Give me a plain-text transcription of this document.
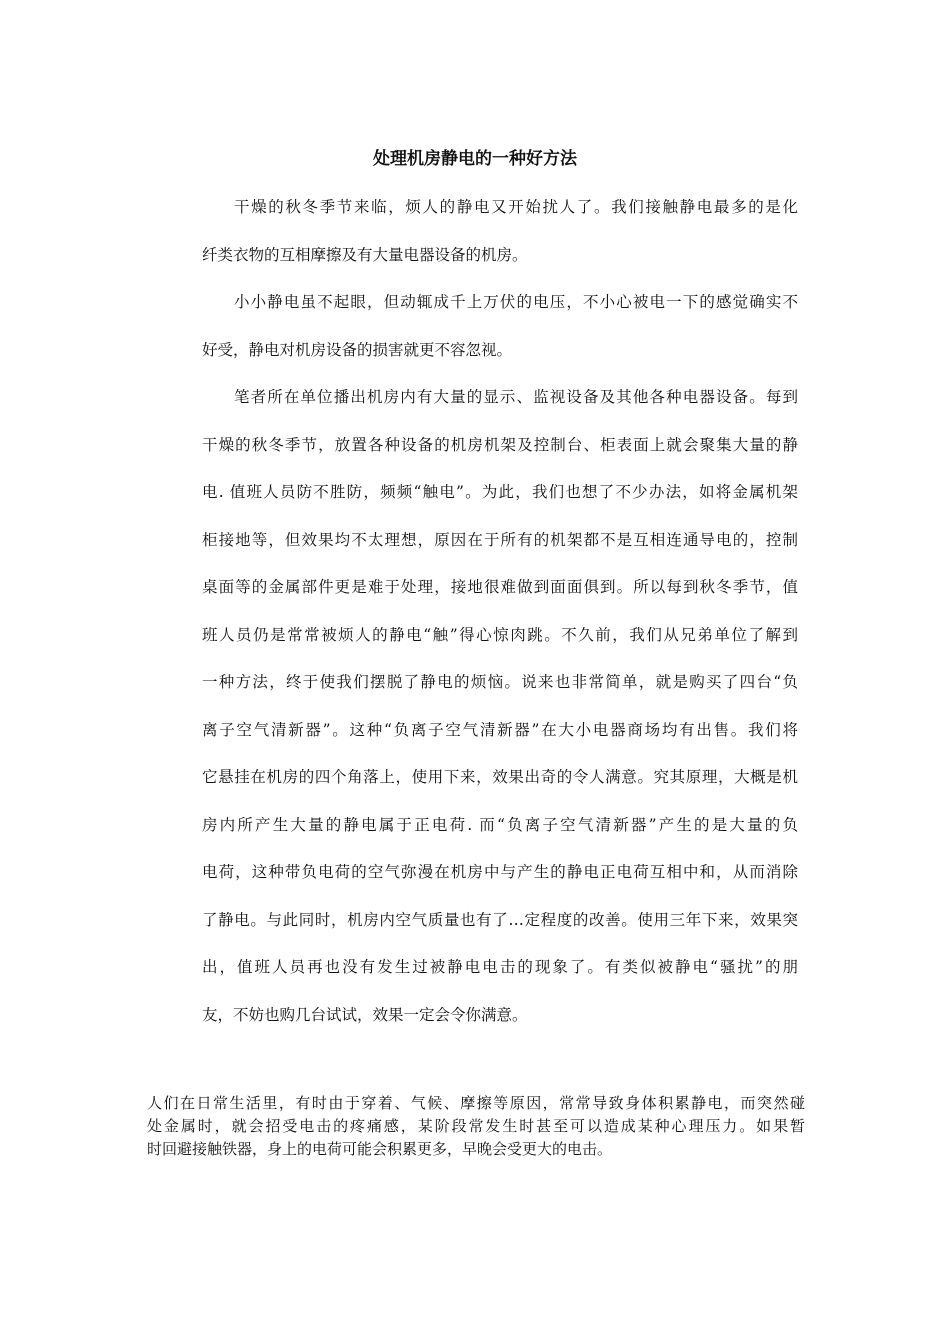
处理机房静电的一种好方法
干燥的秋冬季节来临，烦人的静电又开始扰人了。我们接触静电最多的是化
纤类衣物的互相摩擦及有大量电器设备的机房。
小小静电虽不起眼，但动辄成千上万伏的电压，不小心被电一下的感觉确实不
好受，静电对机房设备的损害就更不容忽视。
笔者所在单位播出机房内有大量的显示、监视设备及其他各种电器设备。每到
干燥的秋冬季节，放置各种设备的机房机架及控制台、柜表面上就会聚集大量的静
电. 值班人员防不胜防，频频“触电”。为此，我们也想了不少办法，如将金属机架
柜接地等，但效果均不太理想，原因在于所有的机架都不是互相连通导电的，控制
桌面等的金属部件更是难于处理，接地很难做到面面俱到。所以每到秋冬季节，值
班人员仍是常常被烦人的静电“触”得心惊肉跳。不久前，我们从兄弟单位了解到
一种方法，终于使我们摆脱了静电的烦恼。说来也非常简单，就是购买了四台“负
离子空气清新器”。这种“负离子空气清新器”在大小电器商场均有出售。我们将
它悬挂在机房的四个角落上，使用下来，效果出奇的令人满意。究其原理，大概是机
房内所产生大量的静电属于正电荷. 而“负离子空气清新器”产生的是大量的负
电荷，这种带负电荷的空气弥漫在机房中与产生的静电正电荷互相中和，从而消除
了静电。与此同时，机房内空气质量也有了…定程度的改善。使用三年下来，效果突
出，值班人员再也没有发生过被静电电击的现象了。有类似被静电“骚扰”的朋
友，不妨也购几台试试，效果一定会令你满意。
人们在日常生活里，有时由于穿着、气候、摩擦等原因，常常导致身体积累静电，而突然碰
处金属时，就会招受电击的疼痛感，某阶段常发生时甚至可以造成某种心理压力。如果暂
时回避接触铁器，身上的电荷可能会积累更多，早晚会受更大的电击。
